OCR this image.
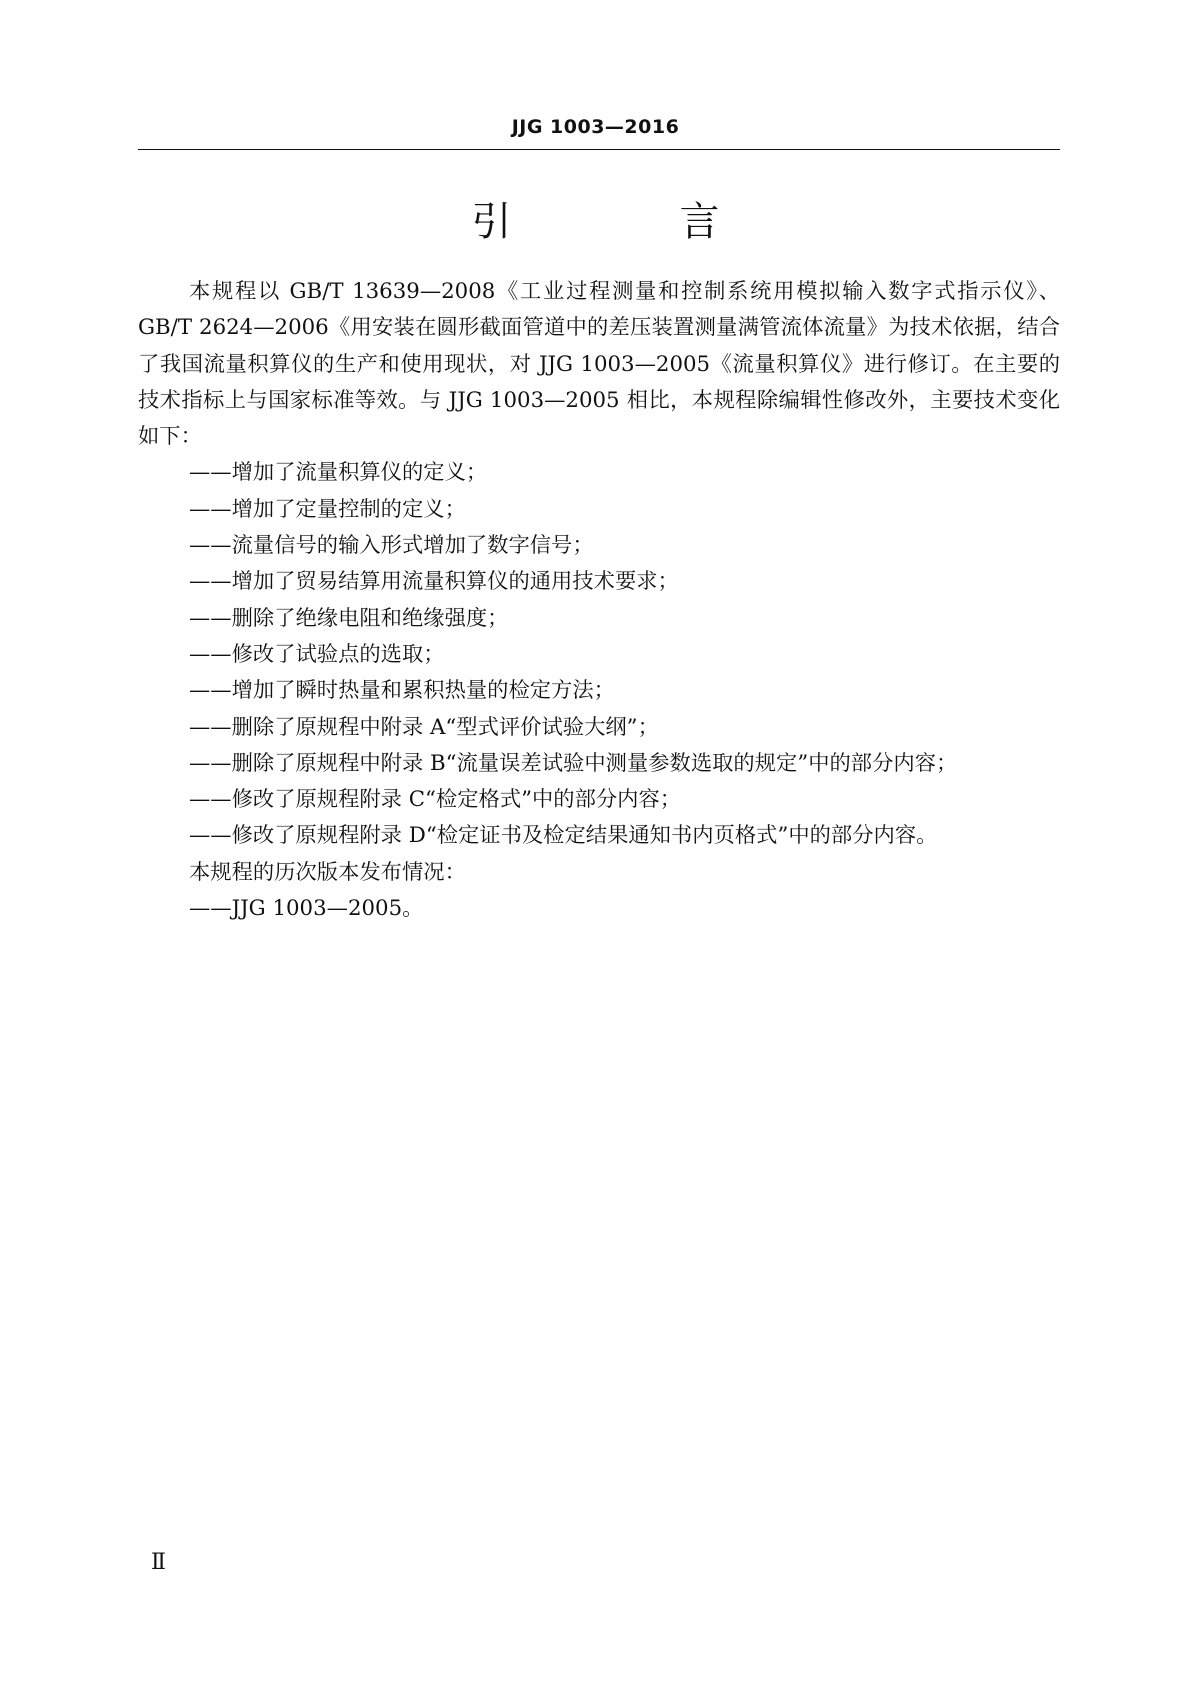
JJG 1003—2016
引　言

本规程以 GB/T 13639—2008《工业过程测量和控制系统用模拟输入数字式指示仪》、GB/T 2624—2006《用安装在圆形截面管道中的差压装置测量满管流体流量》为技术依据，结合了我国流量积算仪的生产和使用现状，对 JJG 1003—2005《流量积算仪》进行修订。在主要的技术指标上与国家标准等效。与 JJG 1003—2005 相比，本规程除编辑性修改外，主要技术变化如下：

——增加了流量积算仪的定义；

——增加了定量控制的定义；

——流量信号的输入形式增加了数字信号；

——增加了贸易结算用流量积算仪的通用技术要求；

——删除了绝缘电阻和绝缘强度；

——修改了试验点的选取；

——增加了瞬时热量和累积热量的检定方法；

——删除了原规程中附录 A“型式评价试验大纲”；

——删除了原规程中附录 B“流量误差试验中测量参数选取的规定”中的部分内容；

——修改了原规程附录 C“检定格式”中的部分内容；

——修改了原规程附录 D“检定证书及检定结果通知书内页格式”中的部分内容。

本规程的历次版本发布情况：

——JJG 1003—2005。

Ⅱ
